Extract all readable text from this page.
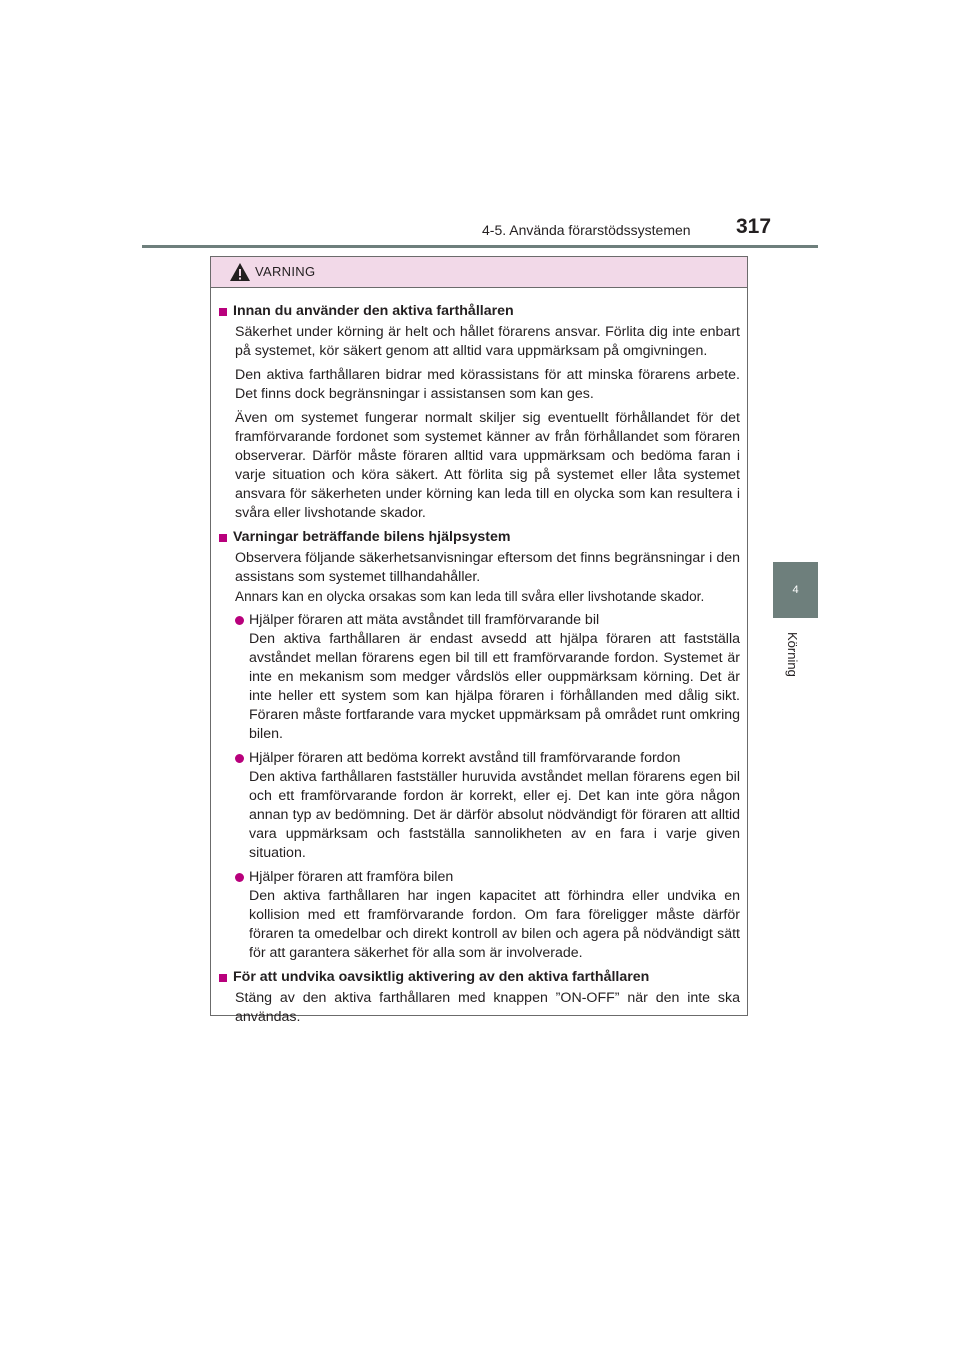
4-5. Använda förarstödssystemen 317
4
Körning
VARNING
Innan du använder den aktiva farthållaren
Säkerhet under körning är helt och hållet förarens ansvar. Förlita dig inte enbart på systemet, kör säkert genom att alltid vara uppmärksam på omgivningen.
Den aktiva farthållaren bidrar med körassistans för att minska förarens arbete. Det finns dock begränsningar i assistansen som kan ges.
Även om systemet fungerar normalt skiljer sig eventuellt förhållandet för det framförvarande fordonet som systemet känner av från förhållandet som föraren observerar. Därför måste föraren alltid vara uppmärksam och bedöma faran i varje situation och köra säkert. Att förlita sig på systemet eller låta systemet ansvara för säkerheten under körning kan leda till en olycka som kan resultera i svåra eller livshotande skador.
Varningar beträffande bilens hjälpsystem
Observera följande säkerhetsanvisningar eftersom det finns begränsningar i den assistans som systemet tillhandahåller.
Annars kan en olycka orsakas som kan leda till svåra eller livshotande skador.
Hjälper föraren att mäta avståndet till framförvarande bil
Den aktiva farthållaren är endast avsedd att hjälpa föraren att fastställa avståndet mellan förarens egen bil till ett framförvarande fordon. Systemet är inte en mekanism som medger vårdslös eller ouppmärksam körning. Det är inte heller ett system som kan hjälpa föraren i förhållanden med dålig sikt. Föraren måste fortfarande vara mycket uppmärksam på området runt omkring bilen.
Hjälper föraren att bedöma korrekt avstånd till framförvarande fordon
Den aktiva farthållaren fastställer huruvida avståndet mellan förarens egen bil och ett framförvarande fordon är korrekt, eller ej. Det kan inte göra någon annan typ av bedömning. Det är därför absolut nödvändigt för föraren att alltid vara uppmärksam och fastställa sannolikheten av en fara i varje given situation.
Hjälper föraren att framföra bilen
Den aktiva farthållaren har ingen kapacitet att förhindra eller undvika en kollision med ett framförvarande fordon. Om fara föreligger måste därför föraren ta omedelbar och direkt kontroll av bilen och agera på nödvändigt sätt för att garantera säkerhet för alla som är involverade.
För att undvika oavsiktlig aktivering av den aktiva farthållaren
Stäng av den aktiva farthållaren med knappen ”ON-OFF” när den inte ska användas.
